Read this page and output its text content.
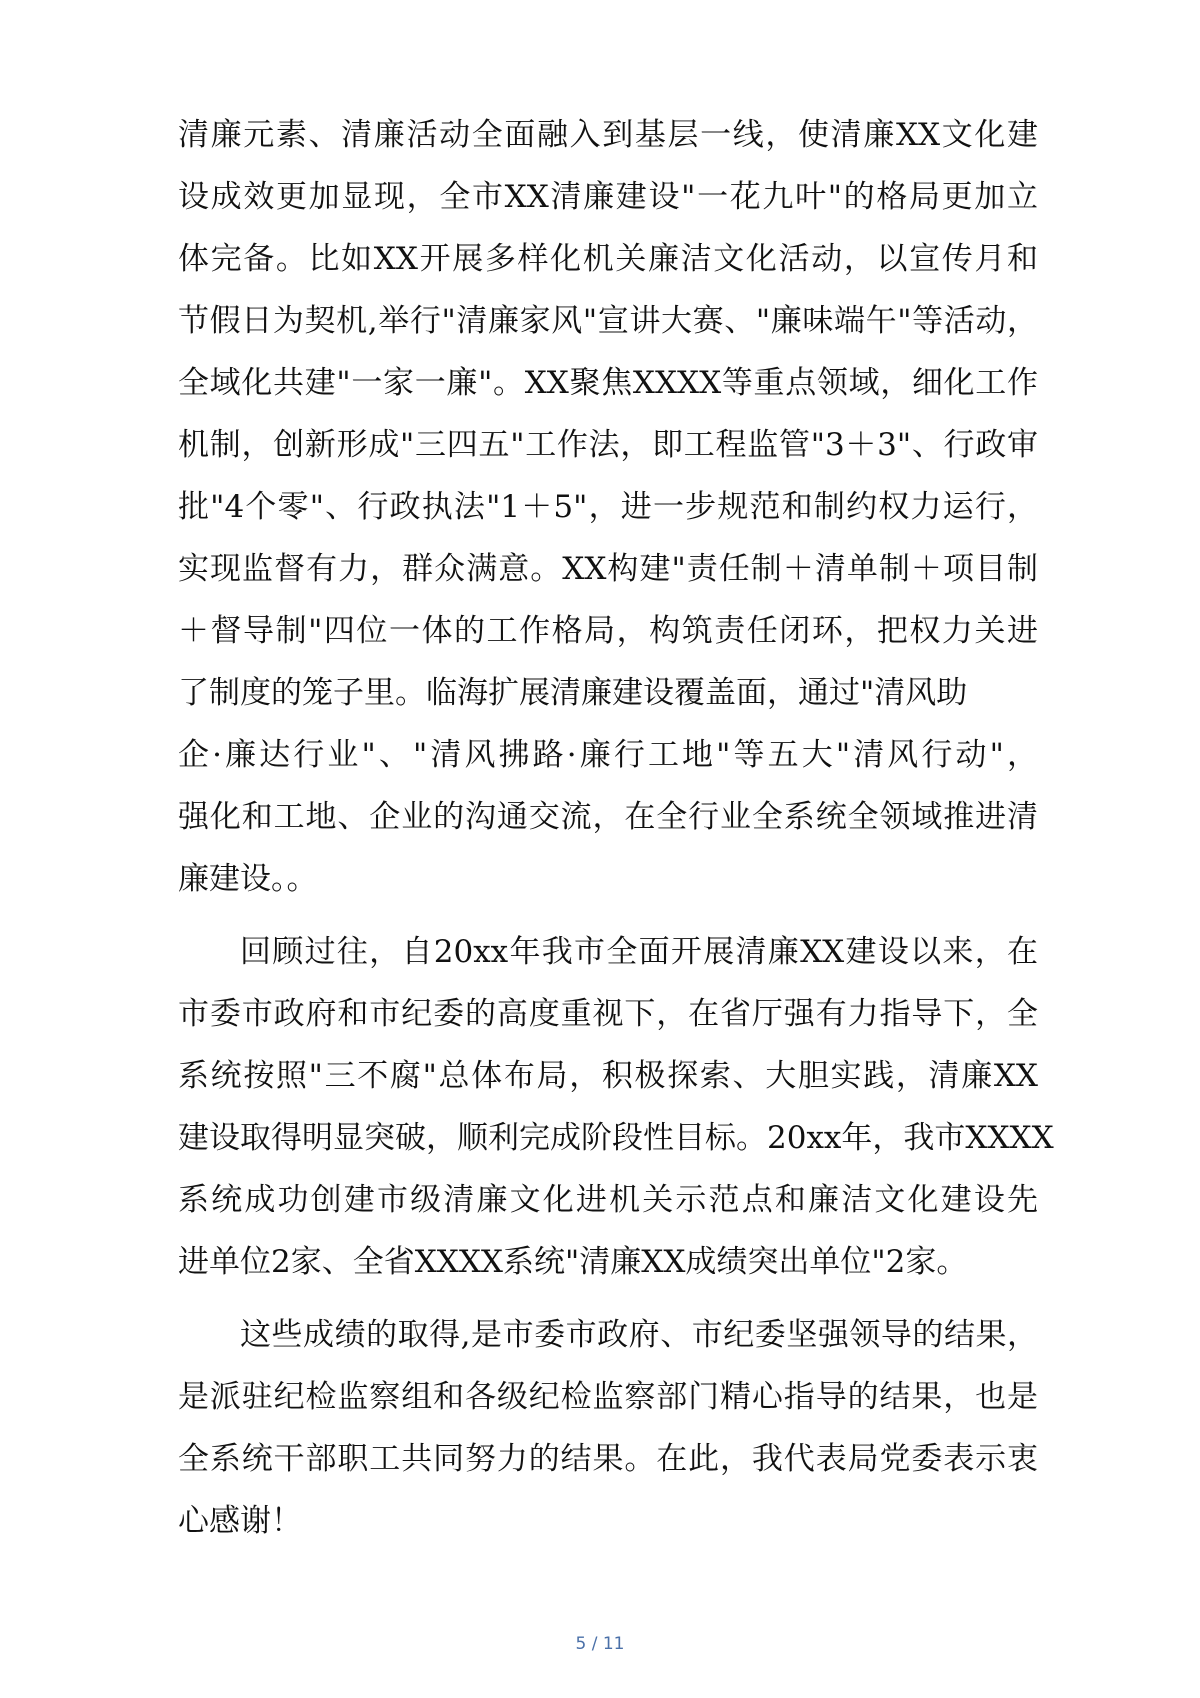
清廉元素、清廉活动全面融入到基层一线，使清廉XX文化建
设成效更加显现，全市XX清廉建设"一花九叶"的格局更加立
体完备。比如XX开展多样化机关廉洁文化活动，以宣传月和
节假日为契机,举行"清廉家风"宣讲大赛、"廉味端午"等活动，
全域化共建"一家一廉"。XX聚焦XXXX等重点领域，细化工作
机制，创新形成"三四五"工作法，即工程监管"3＋3"、行政审
批"4个零"、行政执法"1＋5"，进一步规范和制约权力运行，
实现监督有力，群众满意。XX构建"责任制＋清单制＋项目制
＋督导制"四位一体的工作格局，构筑责任闭环，把权力关进
了制度的笼子里。临海扩展清廉建设覆盖面，通过"清风助
企·廉达行业"、"清风拂路·廉行工地"等五大"清风行动"，
强化和工地、企业的沟通交流，在全行业全系统全领域推进清
廉建设。。
回顾过往，自20xx年我市全面开展清廉XX建设以来，在
市委市政府和市纪委的高度重视下，在省厅强有力指导下，全
系统按照"三不腐"总体布局，积极探索、大胆实践，清廉XX
建设取得明显突破，顺利完成阶段性目标。20xx年，我市XXXX
系统成功创建市级清廉文化进机关示范点和廉洁文化建设先
进单位2家、全省XXXX系统"清廉XX成绩突出单位"2家。
这些成绩的取得,是市委市政府、市纪委坚强领导的结果，
是派驻纪检监察组和各级纪检监察部门精心指导的结果，也是
全系统干部职工共同努力的结果。在此，我代表局党委表示衷
心感谢！
5 / 11
